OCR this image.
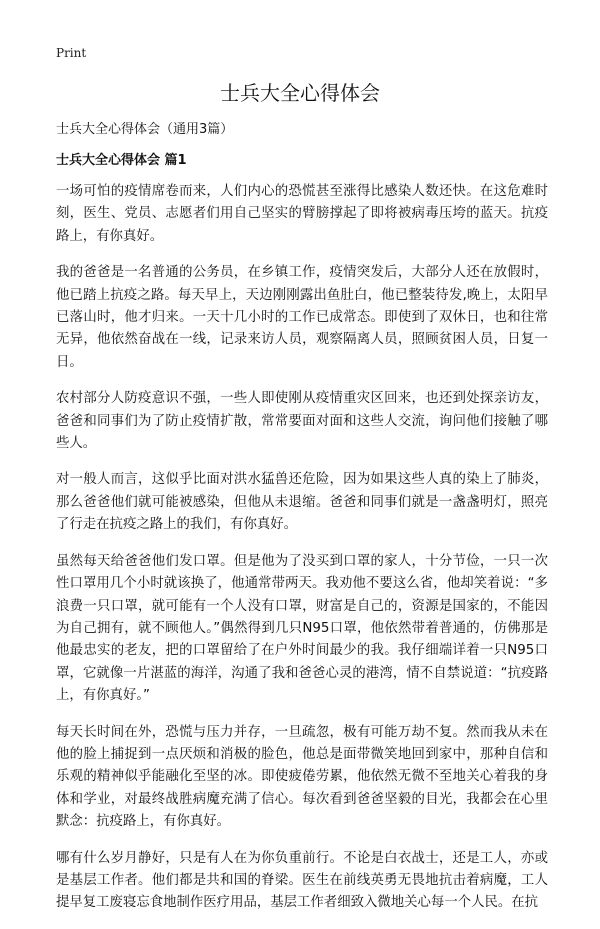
Print
士兵大全心得体会
士兵大全心得体会（通用3篇）
士兵大全心得体会 篇1

一场可怕的疫情席卷而来，人们内心的恐慌甚至涨得比感染人数还快。在这危难时刻，医生、党员、志愿者们用自己坚实的臂膀撑起了即将被病毒压垮的蓝天。抗疫路上，有你真好。

我的爸爸是一名普通的公务员，在乡镇工作，疫情突发后，大部分人还在放假时，他已踏上抗疫之路。每天早上，天边刚刚露出鱼肚白，他已整装待发,晚上，太阳早已落山时，他才归来。一天十几小时的工作已成常态。即使到了双休日，也和往常无异，他依然奋战在一线，记录来访人员，观察隔离人员，照顾贫困人员，日复一日。

农村部分人防疫意识不强，一些人即使刚从疫情重灾区回来，也还到处探亲访友，爸爸和同事们为了防止疫情扩散，常常要面对面和这些人交流，询问他们接触了哪些人。

对一般人而言，这似乎比面对洪水猛兽还危险，因为如果这些人真的染上了肺炎，那么爸爸他们就可能被感染，但他从未退缩。爸爸和同事们就是一盏盏明灯，照亮了行走在抗疫之路上的我们，有你真好。

虽然每天给爸爸他们发口罩。但是他为了没买到口罩的家人，十分节俭，一只一次性口罩用几个小时就该换了，他通常带两天。我劝他不要这么省，他却笑着说：“多浪费一只口罩，就可能有一个人没有口罩，财富是自己的，资源是国家的，不能因为自己拥有，就不顾他人。”偶然得到几只N95口罩，他依然带着普通的，仿佛那是他最忠实的老友，把的口罩留给了在户外时间最少的我。我仔细端详着一只N95口罩，它就像一片湛蓝的海洋，沟通了我和爸爸心灵的港湾，情不自禁说道：“抗疫路上，有你真好。”

每天长时间在外，恐慌与压力并存，一旦疏忽，极有可能万劫不复。然而我从未在他的脸上捕捉到一点厌烦和消极的脸色，他总是面带微笑地回到家中，那种自信和乐观的精神似乎能融化至坚的冰。即使疲倦劳累，他依然无微不至地关心着我的身体和学业，对最终战胜病魔充满了信心。每次看到爸爸坚毅的目光，我都会在心里默念：抗疫路上，有你真好。

哪有什么岁月静好，只是有人在为你负重前行。不论是白衣战士，还是工人，亦或是基层工作者。他们都是共和国的脊梁。医生在前线英勇无畏地抗击着病魔，工人提早复工废寝忘食地制作医疗用品，基层工作者细致入微地关心每一个人民。在抗
